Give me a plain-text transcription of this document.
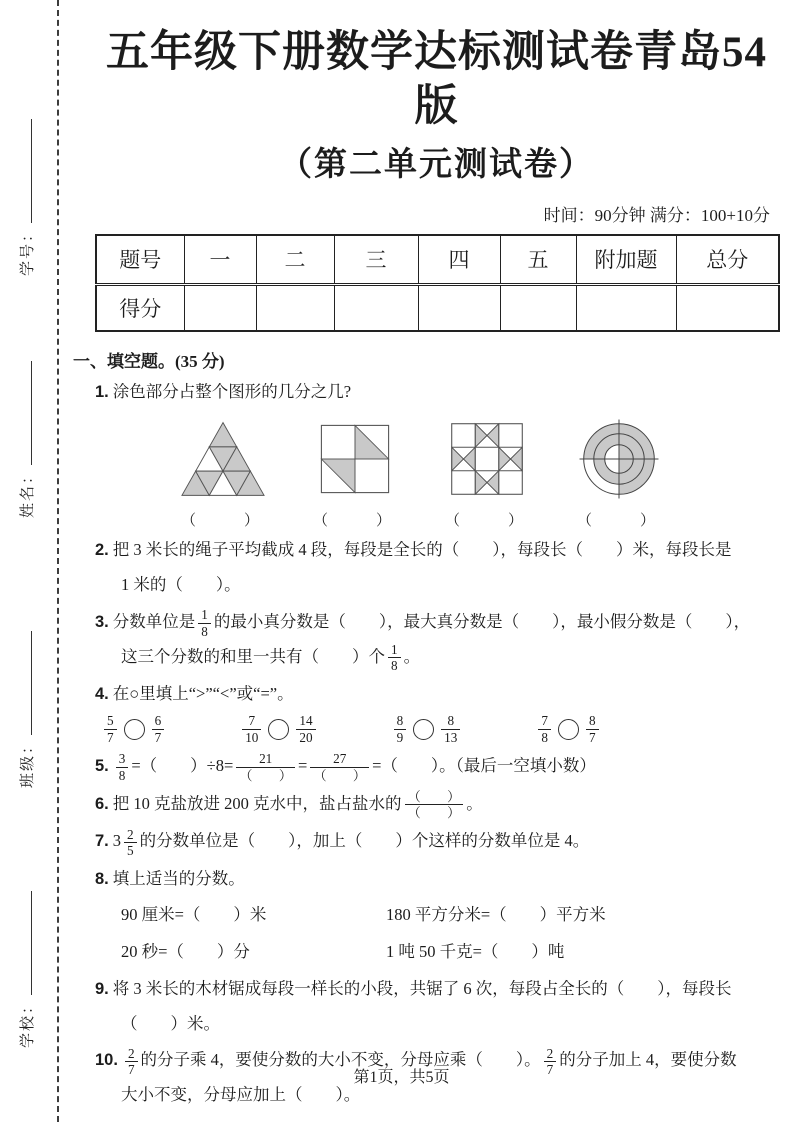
学号：
姓名：
班级：
学校：
五年级下册数学达标测试卷青岛54版
（第二单元测试卷）
时间：90分钟 满分：100+10分
题号	一	二	三	四	五	附加题	总分
得分							
一、填空题。(35 分)
1. 涂色部分占整个图形的几分之几?
（　　）	（　　）	（　　）	（　　）
2. 把 3 米长的绳子平均截成 4 段，每段是全长的（　　），每段长（　　）米，每段长是
1 米的（　　）。
3. 分数单位是 $\frac{1}{8}$ 的最小真分数是（　　），最大真分数是（　　），最小假分数是（　　），
这三个分数的和里一共有（　　）个 $\frac{1}{8}$ 。
4. 在○里填上“>”“<”或“=”。
$\frac{5}{7}$	$\frac{6}{7}$	$\frac{7}{10}$	$\frac{14}{20}$	$\frac{8}{9}$	$\frac{8}{13}$	$\frac{7}{8}$	$\frac{8}{7}$
5. $\frac{3}{8}$ =（　　）$\div 8= \frac{21}{( )} = \frac{27}{( )}$ =（　　）。（最后一空填小数）
6. 把 10 克盐放进 200 克水中，盐占盐水的 $\frac{( )}{( )}$ 。
7. $3 \frac{2}{5}$ 的分数单位是（　　），加上（　　）个这样的分数单位是 4。
8. 填上适当的分数。
90 厘米=（　　）米	180 平方分米=（　　）平方米
20 秒=（　　）分	1 吨 50 千克=（　　）吨
9. 将 3 米长的木材锯成每段一样长的小段，共锯了 6 次，每段占全长的（　　），每段长
（　　）米。
10. $\frac{2}{7}$ 的分子乘 4，要使分数的大小不变，分母应乘（　　）。 $\frac{2}{7}$ 的分子加上 4，要使分数
大小不变，分母应加上（　　）。
第1页，共5页
